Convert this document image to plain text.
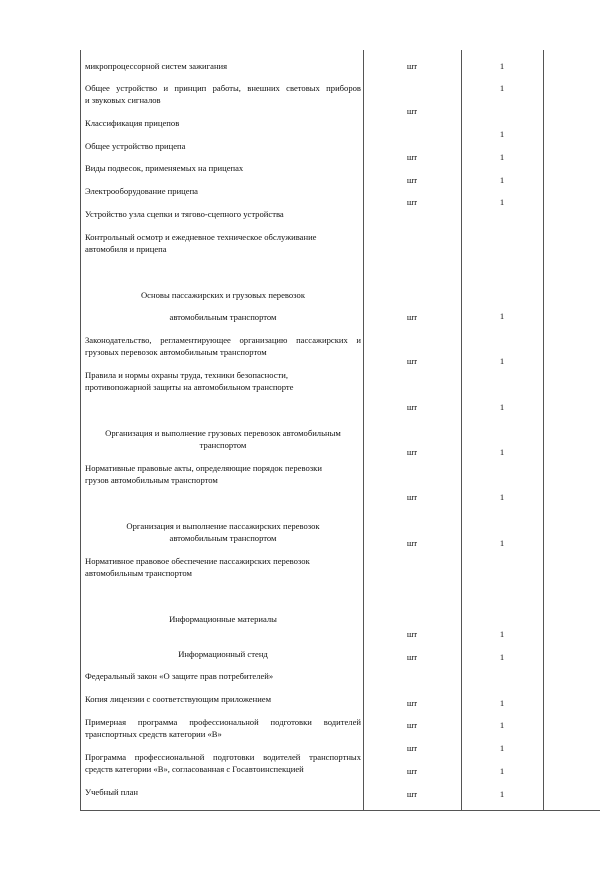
микропроцессорной систем зажигания
Общее устройство и принцип работы, внешних световых приборов
и звуковых сигналов
Классификация прицепов
Общее устройство прицепа
Виды подвесок, применяемых на прицепах
Электрооборудование прицепа
Устройство узла сцепки и тягово-сцепного устройства
Контрольный осмотр и ежедневное техническое обслуживание
автомобиля и прицепа
Основы пассажирских и грузовых перевозок
автомобильным транспортом
Законодательство, регламентирующее организацию пассажирских и
грузовых перевозок автомобильным транспортом
Правила и нормы охраны труда, техники безопасности,
противопожарной защиты на автомобильном транспорте
Организация и выполнение грузовых перевозок автомобильным
транспортом
Нормативные правовые акты, определяющие порядок перевозки
грузов автомобильным транспортом
Организация и выполнение пассажирских перевозок
автомобильным транспортом
Нормативное правовое обеспечение пассажирских перевозок
автомобильным транспортом
Информационные материалы
Информационный стенд
Федеральный закон «О защите прав потребителей»
Копия лицензии с соответствующим приложением
Примерная программа профессиональной подготовки водителей
транспортных средств категории «В»
Программа профессиональной подготовки водителей транспортных
средств категории «В», согласованная с Госавтоинспекцией
Учебный план
шт
шт
шт
шт
шт
шт
шт
шт
шт
шт
шт
шт
шт
шт
шт
шт
шт
шт
1
1
1
1
1
1
1
1
1
1
1
1
1
1
1
1
1
1
1
